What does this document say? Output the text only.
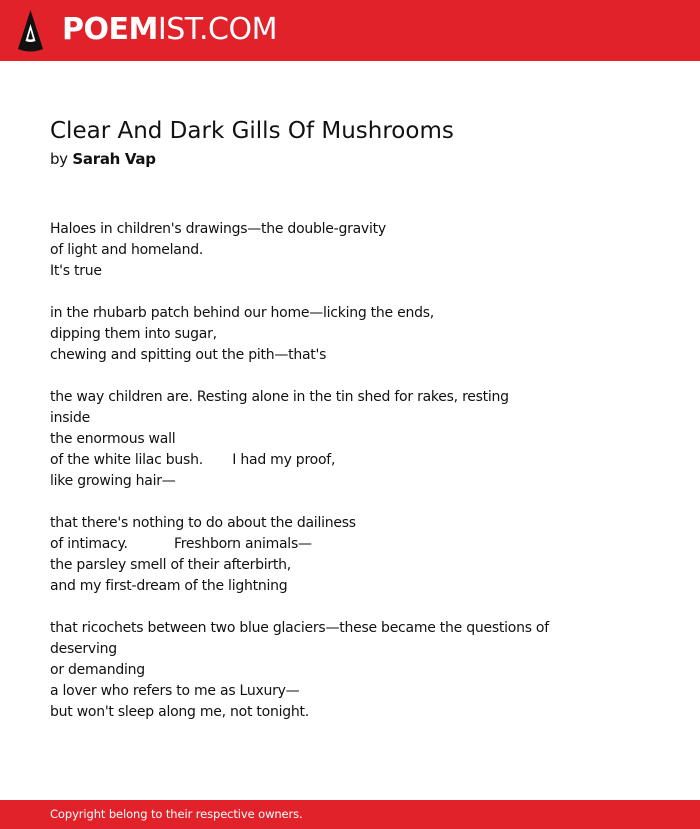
POEMIST.COM
Clear And Dark Gills Of Mushrooms
by Sarah Vap
Haloes in children's drawings—the double-gravity
of light and homeland.
It's true
in the rhubarb patch behind our home—licking the ends,
dipping them into sugar,
chewing and spitting out the pith—that's
the way children are. Resting alone in the tin shed for rakes, resting
inside
the enormous wall
of the white lilac bush.       I had my proof,
like growing hair—
that there's nothing to do about the dailiness
of intimacy.           Freshborn animals—
the parsley smell of their afterbirth,
and my first-dream of the lightning
that ricochets between two blue glaciers—these became the questions of
deserving
or demanding
a lover who refers to me as Luxury—
but won't sleep along me, not tonight.
Copyright belong to their respective owners.
